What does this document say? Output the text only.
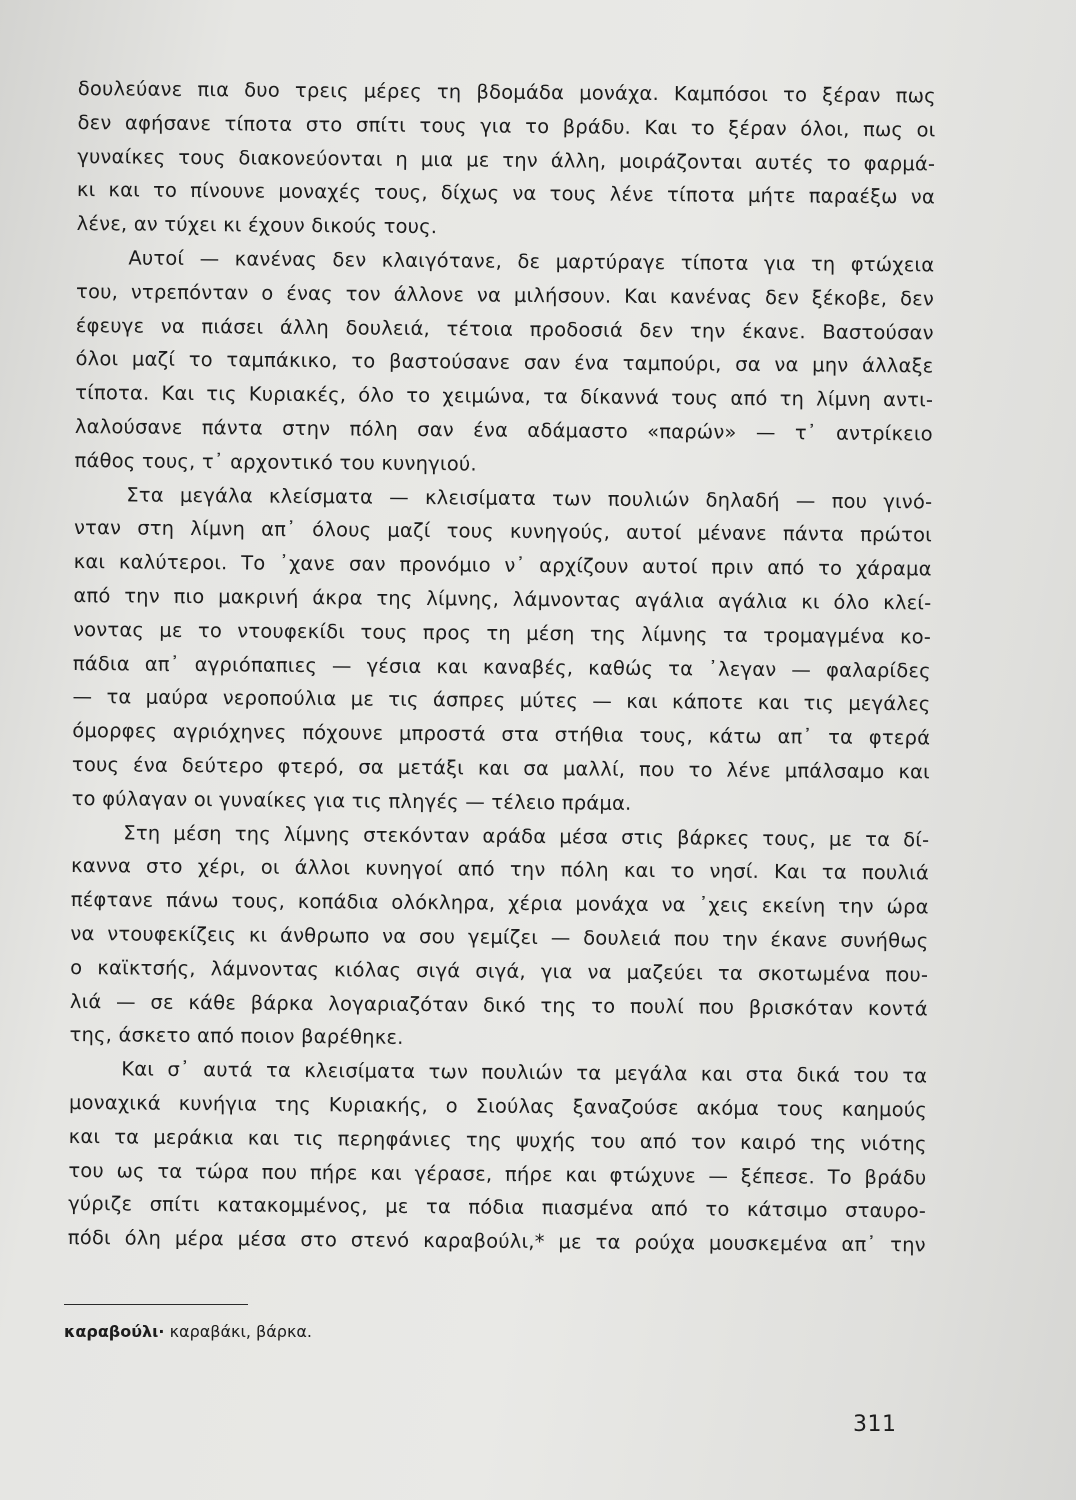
δουλεύανε πια δυο τρεις μέρες τη βδομάδα μονάχα. Καμπόσοι το ξέραν πως
δεν αφήσανε τίποτα στο σπίτι τους για το βράδυ. Και το ξέραν όλοι, πως οι
γυναίκες τους διακονεύονται η μια με την άλλη, μοιράζονται αυτές το φαρμά-
κι και το πίνουνε μοναχές τους, δίχως να τους λένε τίποτα μήτε παραέξω να
λένε, αν τύχει κι έχουν δικούς τους.
Αυτοί — κανένας δεν κλαιγότανε, δε μαρτύραγε τίποτα για τη φτώχεια
του, ντρεπόνταν ο ένας τον άλλονε να μιλήσουν. Και κανένας δεν ξέκοβε, δεν
έφευγε να πιάσει άλλη δουλειά, τέτοια προδοσιά δεν την έκανε. Βαστούσαν
όλοι μαζί το ταμπάκικο, το βαστούσανε σαν ένα ταμπούρι, σα να μην άλλαξε
τίποτα. Και τις Κυριακές, όλο το χειμώνα, τα δίκαννά τους από τη λίμνη αντι-
λαλούσανε πάντα στην πόλη σαν ένα αδάμαστο «παρών» — τ᾿ αντρίκειο
πάθος τους, τ᾿ αρχοντικό του κυνηγιού.
Στα μεγάλα κλείσματα — κλεισίματα των πουλιών δηλαδή — που γινό-
νταν στη λίμνη απ᾿ όλους μαζί τους κυνηγούς, αυτοί μένανε πάντα πρώτοι
και καλύτεροι. Το ᾿χανε σαν προνόμιο ν᾿ αρχίζουν αυτοί πριν από το χάραμα
από την πιο μακρινή άκρα της λίμνης, λάμνοντας αγάλια αγάλια κι όλο κλεί-
νοντας με το ντουφεκίδι τους προς τη μέση της λίμνης τα τρομαγμένα κο-
πάδια απ᾿ αγριόπαπιες — γέσια και καναβές, καθώς τα ᾿λεγαν — φαλαρίδες
— τα μαύρα νεροπούλια με τις άσπρες μύτες — και κάποτε και τις μεγάλες
όμορφες αγριόχηνες πόχουνε μπροστά στα στήθια τους, κάτω απ᾿ τα φτερά
τους ένα δεύτερο φτερό, σα μετάξι και σα μαλλί, που το λένε μπάλσαμο και
το φύλαγαν οι γυναίκες για τις πληγές — τέλειο πράμα.
Στη μέση της λίμνης στεκόνταν αράδα μέσα στις βάρκες τους, με τα δί-
καννα στο χέρι, οι άλλοι κυνηγοί από την πόλη και το νησί. Και τα πουλιά
πέφτανε πάνω τους, κοπάδια ολόκληρα, χέρια μονάχα να ᾿χεις εκείνη την ώρα
να ντουφεκίζεις κι άνθρωπο να σου γεμίζει — δουλειά που την έκανε συνήθως
ο καϊκτσής, λάμνοντας κιόλας σιγά σιγά, για να μαζεύει τα σκοτωμένα που-
λιά — σε κάθε βάρκα λογαριαζόταν δικό της το πουλί που βρισκόταν κοντά
της, άσκετο από ποιον βαρέθηκε.
Και σ᾿ αυτά τα κλεισίματα των πουλιών τα μεγάλα και στα δικά του τα
μοναχικά κυνήγια της Κυριακής, ο Σιούλας ξαναζούσε ακόμα τους καημούς
και τα μεράκια και τις περηφάνιες της ψυχής του από τον καιρό της νιότης
του ως τα τώρα που πήρε και γέρασε, πήρε και φτώχυνε — ξέπεσε. Το βράδυ
γύριζε σπίτι κατακομμένος, με τα πόδια πιασμένα από το κάτσιμο σταυρο-
πόδι όλη μέρα μέσα στο στενό καραβούλι,* με τα ρούχα μουσκεμένα απ᾿ την
καραβούλι· καραβάκι, βάρκα.
311
